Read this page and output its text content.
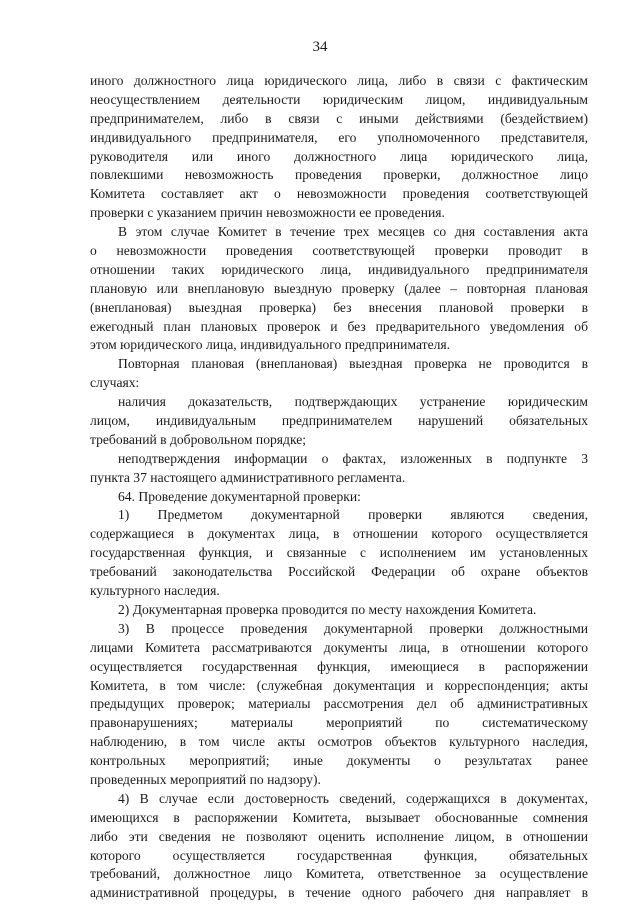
34
иного должностного лица юридического лица, либо в связи с фактическим
неосуществлением деятельности юридическим лицом, индивидуальным
предпринимателем, либо в связи с иными действиями (бездействием)
индивидуального предпринимателя, его уполномоченного представителя,
руководителя или иного должностного лица юридического лица,
повлекшими невозможность проведения проверки, должностное лицо
Комитета составляет акт о невозможности проведения соответствующей
проверки с указанием причин невозможности ее проведения.
В этом случае Комитет в течение трех месяцев со дня составления акта
о невозможности проведения соответствующей проверки проводит в
отношении таких юридического лица, индивидуального предпринимателя
плановую или внеплановую выездную проверку (далее – повторная плановая
(внеплановая) выездная проверка) без внесения плановой проверки в
ежегодный план плановых проверок и без предварительного уведомления об
этом юридического лица, индивидуального предпринимателя.
Повторная плановая (внеплановая) выездная проверка не проводится в
случаях:
наличия доказательств, подтверждающих устранение юридическим
лицом, индивидуальным предпринимателем нарушений обязательных
требований в добровольном порядке;
неподтверждения информации о фактах, изложенных в подпункте 3
пункта 37 настоящего административного регламента.
64. Проведение документарной проверки:
1) Предметом документарной проверки являются сведения,
содержащиеся в документах лица, в отношении которого осуществляется
государственная функция, и связанные с исполнением им установленных
требований законодательства Российской Федерации об охране объектов
культурного наследия.
2) Документарная проверка проводится по месту нахождения Комитета.
3) В процессе проведения документарной проверки должностными
лицами Комитета рассматриваются документы лица, в отношении которого
осуществляется государственная функция, имеющиеся в распоряжении
Комитета, в том числе: (служебная документация и корреспонденция; акты
предыдущих проверок; материалы рассмотрения дел об административных
правонарушениях; материалы мероприятий по систематическому
наблюдению, в том числе акты осмотров объектов культурного наследия,
контрольных мероприятий; иные документы о результатах ранее
проведенных мероприятий по надзору).
4) В случае если достоверность сведений, содержащихся в документах,
имеющихся в распоряжении Комитета, вызывает обоснованные сомнения
либо эти сведения не позволяют оценить исполнение лицом, в отношении
которого осуществляется государственная функция, обязательных
требований, должностное лицо Комитета, ответственное за осуществление
административной процедуры, в течение одного рабочего дня направляет в
